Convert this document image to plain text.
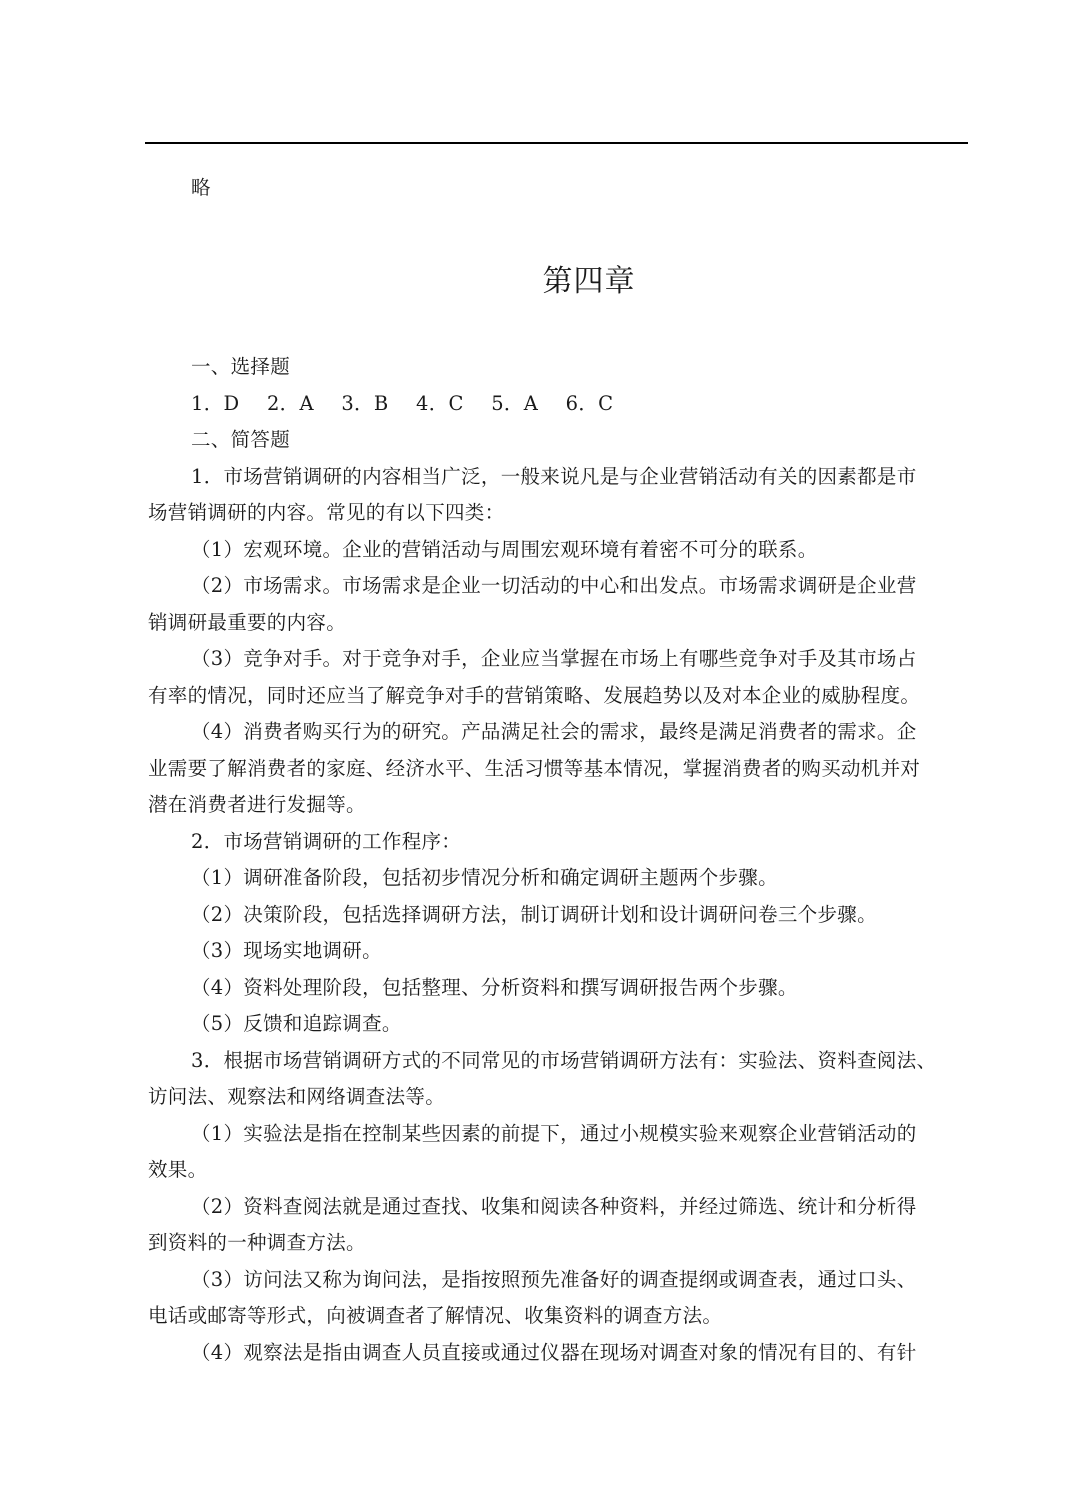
略
第四章
一、选择题
1．D 2．A 3．B 4．C 5．A 6．C
二、简答题
1．市场营销调研的内容相当广泛，一般来说凡是与企业营销活动有关的因素都是市
场营销调研的内容。常见的有以下四类：
（1）宏观环境。企业的营销活动与周围宏观环境有着密不可分的联系。
（2）市场需求。市场需求是企业一切活动的中心和出发点。市场需求调研是企业营
销调研最重要的内容。
（3）竞争对手。对于竞争对手，企业应当掌握在市场上有哪些竞争对手及其市场占
有率的情况，同时还应当了解竞争对手的营销策略、发展趋势以及对本企业的威胁程度。
（4）消费者购买行为的研究。产品满足社会的需求，最终是满足消费者的需求。企
业需要了解消费者的家庭、经济水平、生活习惯等基本情况，掌握消费者的购买动机并对
潜在消费者进行发掘等。
2．市场营销调研的工作程序：
（1）调研准备阶段，包括初步情况分析和确定调研主题两个步骤。
（2）决策阶段，包括选择调研方法，制订调研计划和设计调研问卷三个步骤。
（3）现场实地调研。
（4）资料处理阶段，包括整理、分析资料和撰写调研报告两个步骤。
（5）反馈和追踪调查。
3．根据市场营销调研方式的不同常见的市场营销调研方法有：实验法、资料查阅法、
访问法、观察法和网络调查法等。
（1）实验法是指在控制某些因素的前提下，通过小规模实验来观察企业营销活动的
效果。
（2）资料查阅法就是通过查找、收集和阅读各种资料，并经过筛选、统计和分析得
到资料的一种调查方法。
（3）访问法又称为询问法，是指按照预先准备好的调查提纲或调查表，通过口头、
电话或邮寄等形式，向被调查者了解情况、收集资料的调查方法。
（4）观察法是指由调查人员直接或通过仪器在现场对调查对象的情况有目的、有针
